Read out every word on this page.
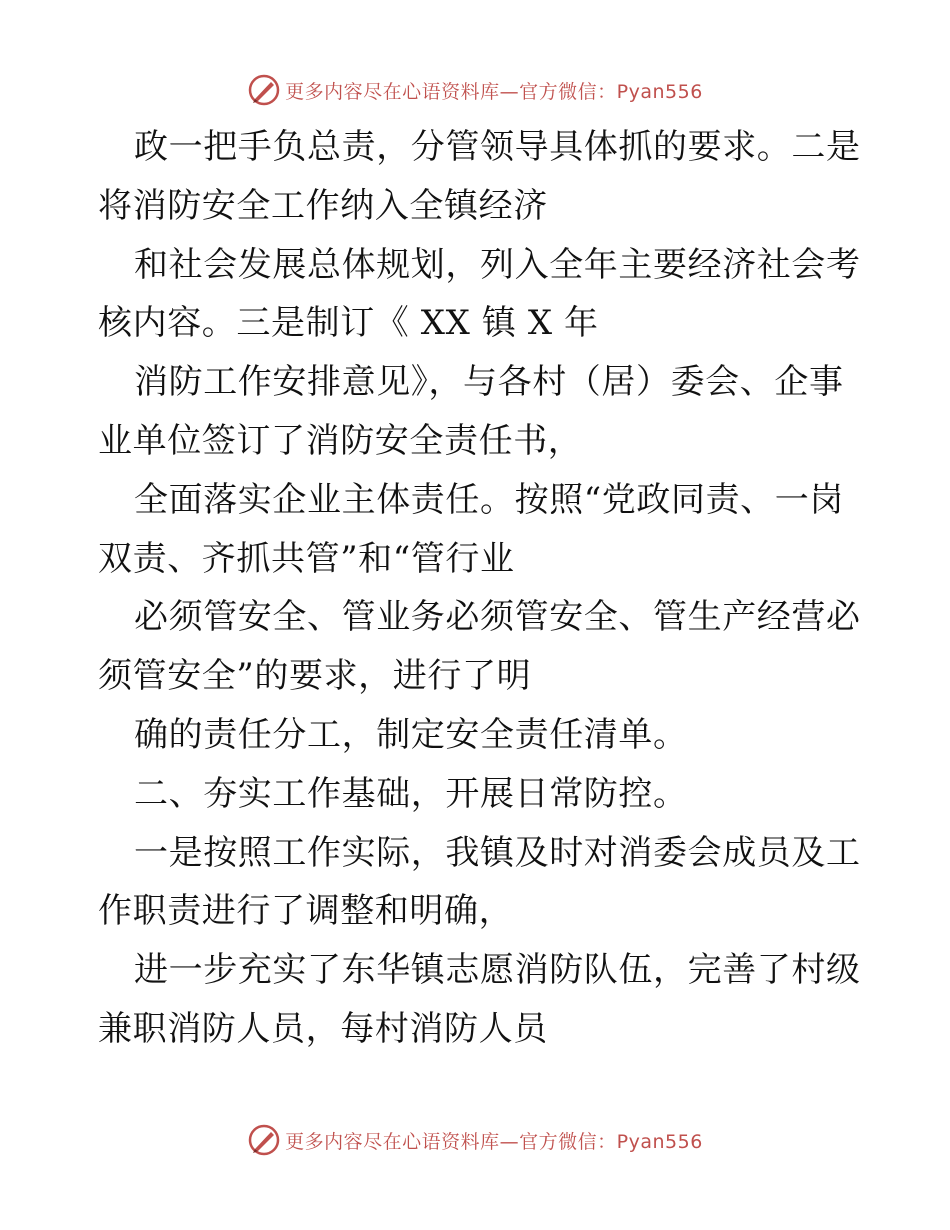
更多内容尽在心语资料库—官方微信：Pyan556
政一把手负总责，分管领导具体抓的要求。二是
将消防安全工作纳入全镇经济
和社会发展总体规划，列入全年主要经济社会考
核内容。三是制订《 XX 镇 X 年
消防工作安排意见》，与各村（居）委会、企事
业单位签订了消防安全责任书，
全面落实企业主体责任。按照“党政同责、一岗
双责、齐抓共管”和“管行业
必须管安全、管业务必须管安全、管生产经营必
须管安全”的要求，进行了明
确的责任分工，制定安全责任清单。
二、夯实工作基础，开展日常防控。
一是按照工作实际，我镇及时对消委会成员及工
作职责进行了调整和明确，
进一步充实了东华镇志愿消防队伍，完善了村级
兼职消防人员，每村消防人员
更多内容尽在心语资料库—官方微信：Pyan556
